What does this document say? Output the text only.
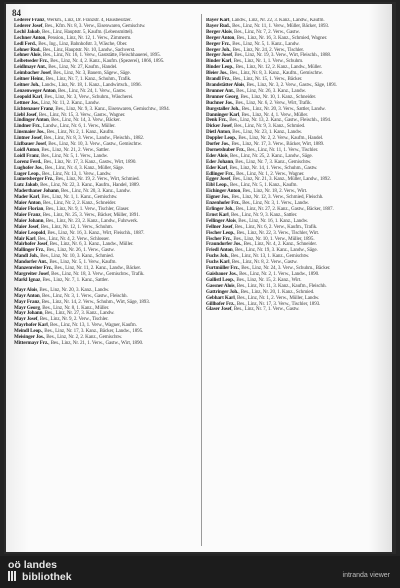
84

Lederer Franz, Werkm., Linz, Dr. Franzstr. 4, Hausbesitzer.

Lederer Josef, Bes., Kfm. Nr. 8, 3. Verw., Eisenwaren, Gemischtw.

Lechl Jakob, Bes., Linz, Hauptstr. 5, Kaufm. (Lebensmittel).

Lechner Anton, Pension., Linz, Nr. 12, 1. Verw., Zimmerm.

Ledl Ferd., Bes., Ing., Linz, Bahnhofstr. 3, Wäsche, Ober.

Lehner Rud., Bes., Linz, Hauptstr. Nr. 10, Landw., Sachverst.

Lehner Alois, Bes., Linz, Nr. 16, 1. Verw., Gaststätte, Fleischhauerei, 1895.

Leibetseder Frz., Bes., Linz, Nr. 4, 2. Kanz., Kaufm. (Spezerei), 1866, 1895.

Leidlmayr Ant., Bes., Linz, Nr. 27, Kaufm., Handel.

Leimbacher Josef, Bes., Linz, Nr. 3, Bauern, Sägew., Säge.

Leitner Heinr., Bes., Linz, Nr. 7, 1. Kanz., Schuhm., Trafik.

Leitner Joh., Landw., Linz, Nr. 18, 1. Kanz., Landwirtsch., 1896.

Lenzenweger Anton, Bes., Linz, Nr. 24, 1. Verw., Gastw.

Leopold Karl, Bes., Linz, Nr. 3, Verw., Schuhm., Wäscherei.

Lettner Jos., Linz, Nr. 11, 2. Kanz., Landw.

Lichtenauer Franz, Bes., Linz, Nr. 9, 3. Kanz., Eisenwaren, Gemischtw., 1894.

Liebl Josef, Bes., Linz, Nr. 15, 3. Verw., Gastw., Wagner.

Lindinger Anton, Bes., Linz, Nr. 14, 3. Verw., Bäcker.

Lindner Frz., Landw., Linz, Nr. 6, 1. Verw., Müller.

Linsmaier Jos., Bes., Linz, Nr. 2, 1. Kanz., Kaufm.

Lintner Josef, Bes., Linz, Nr. 8, 3. Verw., Landw., Fleischh., 1882.

Lizlbauer Josef, Bes., Linz, Nr. 10, 3. Verw., Gastw., Gemischtw.

Loidl Anton, Bes., Linz, Nr. 21, 2. Verw., Sattler.

Loidl Franz, Bes., Linz, Nr. 5, 1. Verw., Landw.

Lorenz Ferd., Bes., Linz, Nr. 17, 3. Kanz., Gastw., Wirt, 1890.

Lughofer Jos., Bes., Linz, Nr. 4, 3. Kanz., Müller, Säge.

Luger Leop., Bes., Linz, Nr. 13, 1. Verw., Landw.

Lumetsberger Frz., Bes., Linz, Nr. 19, 2. Verw., Wirt, Schmied.

Lutz Jakob, Bes., Linz, Nr. 22, 3. Kanz., Kaufm., Handel, 1889.

Maderthaner Johann, Bes., Linz, Nr. 20, 3. Kanz., Landw.

Mader Karl, Bes., Linz, Nr. 1, 1. Kanz., Gemischtw.

Maier Anton, Bes., Linz, Nr. 2, 2. Kanz., Schneider.

Maier Florian, Bes., Linz, Nr. 9, 1. Verw., Tischler, Glaser.

Maier Franz, Bes., Linz, Nr. 25, 3. Verw., Bäcker, Müller, 1891.

Maier Johann, Bes., Linz, Nr. 23, 2. Kanz., Landw., Fuhrwerk.

Maier Josef, Bes., Linz, Nr. 12, 1. Verw., Schuhm.

Maier Leopold, Bes., Linz, Nr. 16, 3. Kanz., Wirt, Fleischh., 1887.

Mair Karl, Bes., Linz, Nr. 4, 2. Verw., Schlosser.

Mairhofer Josef, Bes., Linz, Nr. 6, 3. Kanz., Landw., Müller.

Mallinger Frz., Bes., Linz, Nr. 26, 1. Verw., Gastw.

Mandl Joh., Bes., Linz, Nr. 10, 3. Kanz., Schmied.

Mandorfer Ant., Bes., Linz, Nr. 5, 1. Verw., Kaufm.

Manzenreiter Frz., Bes., Linz, Nr. 11, 2. Kanz., Landw., Bäcker.

Margreiter Josef, Bes., Linz, Nr. 18, 3. Verw., Gemischtw., Trafik.

Markl Ignaz, Bes., Linz, Nr. 7, 1. Kanz., Sattler.

Mayr Alois, Bes., Linz, Nr. 20, 3. Kanz., Landw.

Mayr Anton, Bes., Linz, Nr. 3, 1. Verw., Gastw., Fleischh.

Mayr Franz, Bes., Linz, Nr. 14, 2. Verw., Schuhm., Wirt, Säge, 1893.

Mayr Georg, Bes., Linz, Nr. 8, 1. Kanz., Müller.

Mayr Johann, Bes., Linz, Nr. 27, 3. Kanz., Landw.

Mayr Josef, Bes., Linz, Nr. 9, 2. Verw., Tischler.

Mayrhofer Karl, Bes., Linz, Nr. 13, 1. Verw., Wagner, Kaufm.

Meindl Leop., Bes., Linz, Nr. 17, 3. Kanz., Bäcker, Landw., 1895.

Meisinger Jos., Bes., Linz, Nr. 2, 2. Kanz., Gemischtw.

Mittermayr Frz., Bes., Linz, Nr. 21, 1. Verw., Gastw., Wirt, 1890.

Bayer Karl, Landw., Linz, Nr. 22, 3. Kanz., Landw., Kaufm.

Bayer Rud., Bes., Linz, Nr. 11, 1. Verw., Müller, Bäcker, 1893.

Berger Alois, Bes., Linz, Nr. 7, 2. Verw., Gastw.

Berger Anton, Bes., Linz, Nr. 16, 3. Kanz., Schmied, Wagner.

Berger Frz., Bes., Linz, Nr. 5, 1. Kanz., Landw.

Berger Joh., Bes., Linz, Nr. 24, 2. Verw., Tischler.

Berger Josef, Bes., Linz, Nr. 19, 3. Verw., Wirt, Fleischh., 1888.

Binder Karl, Bes., Linz, Nr. 1, 1. Verw., Schuhm.

Binder Leop., Bes., Linz, Nr. 12, 2. Kanz., Landw., Müller.

Bleier Jos., Bes., Linz, Nr. 8, 3. Kanz., Kaufm., Gemischtw.

Brandl Frz., Bes., Linz, Nr. 15, 1. Verw., Bäcker.

Brandstätter Alois, Bes., Linz, Nr. 3, 2. Verw., Gastw., Säge, 1891.

Brunner Ant., Bes., Linz, Nr. 26, 3. Kanz., Landw.

Brunner Georg, Bes., Linz, Nr. 10, 1. Kanz., Schneider.

Buchner Jos., Bes., Linz, Nr. 6, 2. Verw., Wirt, Trafik.

Burgstaller Joh., Bes., Linz, Nr. 20, 3. Verw., Sattler, Landw.

Danninger Karl, Bes., Linz, Nr. 4, 1. Verw., Müller.

Denk Frz., Bes., Linz, Nr. 13, 2. Kanz., Gastw., Fleischh., 1894.

Dicker Josef, Bes., Linz, Nr. 9, 3. Kanz., Schmied.

Dietl Anton, Bes., Linz, Nr. 23, 1. Kanz., Landw.

Doppler Leop., Bes., Linz, Nr. 2, 2. Verw., Kaufm., Handel.

Dorfer Jos., Bes., Linz, Nr. 17, 3. Verw., Bäcker, Wirt, 1889.

Dornetshuber Frz., Bes., Linz, Nr. 11, 1. Verw., Tischler.

Eder Alois, Bes., Linz, Nr. 25, 2. Kanz., Landw., Säge.

Eder Johann, Bes., Linz, Nr. 7, 3. Kanz., Gemischtw.

Eder Karl, Bes., Linz, Nr. 14, 1. Verw., Schuhm., Gastw.

Edlinger Frz., Bes., Linz, Nr. 1, 2. Verw., Wagner.

Egger Josef, Bes., Linz, Nr. 21, 3. Kanz., Müller, Landw., 1892.

Eibl Leop., Bes., Linz, Nr. 5, 1. Kanz., Kaufm.

Eichinger Anton, Bes., Linz, Nr. 18, 2. Verw., Wirt.

Eigner Jos., Bes., Linz, Nr. 12, 3. Verw., Schmied, Fleischh.

Enzenhofer Frz., Bes., Linz, Nr. 3, 1. Verw., Landw.

Erlinger Joh., Bes., Linz, Nr. 27, 2. Kanz., Gastw., Bäcker, 1887.

Ernst Karl, Bes., Linz, Nr. 9, 3. Kanz., Sattler.

Fellinger Alois, Bes., Linz, Nr. 16, 1. Kanz., Landw.

Fellner Josef, Bes., Linz, Nr. 6, 2. Verw., Kaufm., Trafik.

Fischer Leop., Bes., Linz, Nr. 22, 3. Verw., Tischler, Wirt.

Fischer Frz., Bes., Linz, Nr. 10, 1. Verw., Müller, 1895.

Fraundorfer Jos., Bes., Linz, Nr. 4, 2. Kanz., Schneider.

Friedl Anton, Bes., Linz, Nr. 19, 3. Kanz., Landw., Säge.

Fuchs Joh., Bes., Linz, Nr. 13, 1. Kanz., Gemischtw.

Fuchs Karl, Bes., Linz, Nr. 8, 2. Verw., Gastw.

Furtmüller Frz., Bes., Linz, Nr. 24, 3. Verw., Schuhm., Bäcker.

Gaisbauer Jos., Bes., Linz, Nr. 2, 1. Verw., Landw., 1890.

Gallistl Leop., Bes., Linz, Nr. 15, 2. Kanz., Wirt.

Gassner Alois, Bes., Linz, Nr. 11, 3. Kanz., Kaufm., Fleischh.

Gattringer Joh., Bes., Linz, Nr. 20, 1. Kanz., Schmied.

Gebhart Karl, Bes., Linz, Nr. 1, 2. Verw., Müller, Landw.

Gillhofer Frz., Bes., Linz, Nr. 17, 3. Verw., Tischler, 1893.

Glaser Josef, Bes., Linz, Nr. 7, 1. Verw., Gastw.

oö landes
bibliothek	intranda viewer
